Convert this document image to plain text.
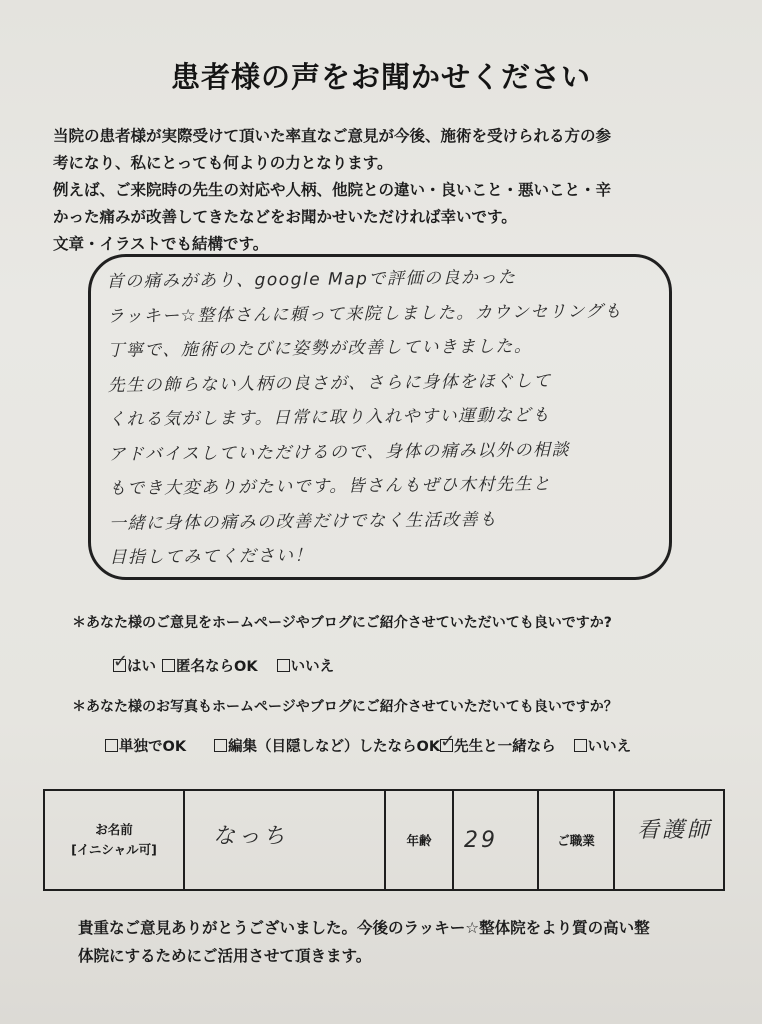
患者様の声をお聞かせください
当院の患者様が実際受けて頂いた率直なご意見が今後、施術を受けられる方の参
考になり、私にとっても何よりの力となります。
例えば、ご来院時の先生の対応や人柄、他院との違い・良いこと・悪いこと・辛
かった痛みが改善してきたなどをお聞かせいただければ幸いです。
文章・イラストでも結構です。
首の痛みがあり、google Mapで評価の良かった
ラッキー☆整体さんに頼って来院しました。カウンセリングも
丁寧で、施術のたびに姿勢が改善していきました。
先生の飾らない人柄の良さが、さらに身体をほぐして
くれる気がします。日常に取り入れやすい運動なども
アドバイスしていただけるので、身体の痛み以外の相談
もでき大変ありがたいです。皆さんもぜひ木村先生と
一緒に身体の痛みの改善だけでなく生活改善も
目指してみてください！
＊あなた様のご意見をホームページやブログにご紹介させていただいても良いですか?
✓
はい 匿名ならOK いいえ
＊あなた様のお写真もホームページやブログにご紹介させていただいても良いですか？
単独でOK	編集（目隠しなど）したならOK ✓
先生と一緒なら いいえ
お名前
[イニシャル可]
	なっち	年齢	29	ご職業	看護師
貴重なご意見ありがとうございました。今後のラッキー☆整体院をより質の高い整
体院にするためにご活用させて頂きます。
